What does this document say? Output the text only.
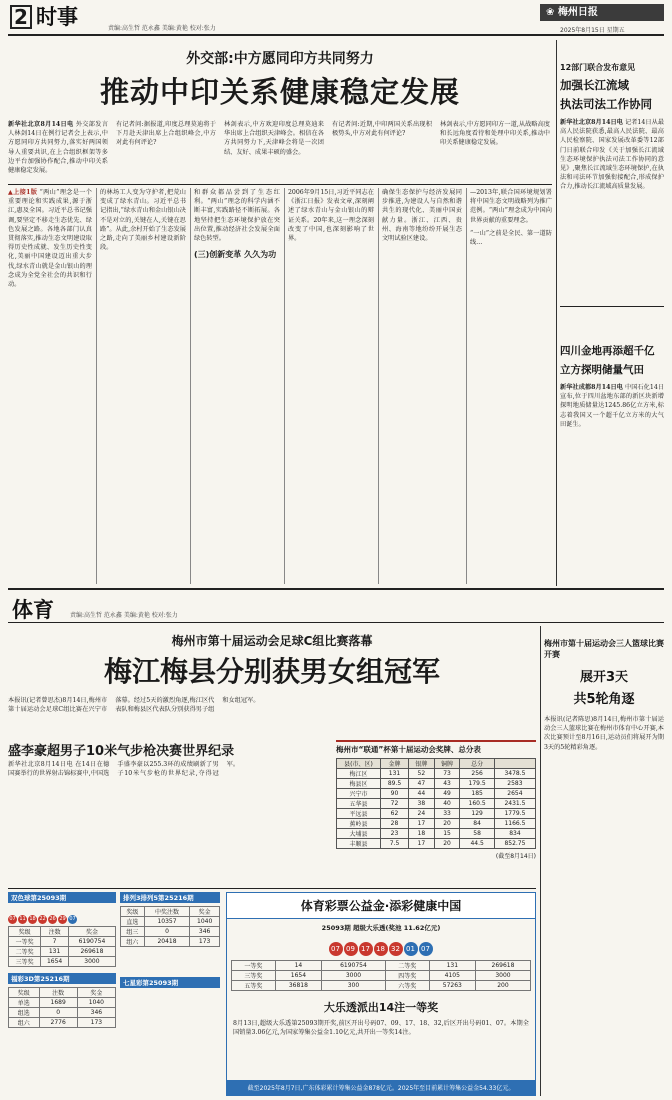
2 时事	责编:高生哲 范永鑫 美编:黄艳 校对:张力
❀ 梅州日报
2025年8月15日 星期五
外交部:中方愿同印方共同努力
推动中印关系健康稳定发展
新华社北京8月14日电 外交部发言人林剑14日在例行记者会上表示,中方愿同印方共同努力,落实好两国领导人重要共识,在上合组织框架等多边平台加强协作配合,推动中印关系健康稳定发展。
有记者问:据报道,印度总理莫迪将于下月赴天津出席上合组织峰会,中方对此有何评论?
林剑表示,中方欢迎印度总理莫迪来华出席上合组织天津峰会。相信在各方共同努力下,天津峰会将是一次团结、友好、成果丰硕的盛会。
有记者问:近期,中印两国关系出现积极势头,中方对此有何评论?
林剑表示,中方愿同印方一道,从战略高度和长远角度看待和处理中印关系,推动中印关系健康稳定发展。
▲上接1版 “两山”理念是一个重要理论和实践成果,源于浙江,惠及全国。习近平总书记强调,要坚定不移走生态优先、绿色发展之路。各地各部门认真贯彻落实,推动生态文明建设取得历史性成就、发生历史性变化,美丽中国建设迈出重大步伐,绿水青山就是金山银山的理念成为全党全社会的共识和行动。
的林场工人变为守护者,把荒山变成了绿水青山。习近平总书记指出,“绿水青山和金山银山决不是对立的,关键在人,关键在思路”。从此,余村开始了生态发展之路,走向了美丽乡村建设新阶段。
和群众都品尝到了生态红利。“两山”理念的科学内涵不断丰富,实践路径不断拓展。各地坚持把生态环境保护放在突出位置,推动经济社会发展全面绿色转型。
(三)创新变革 久久为功
2006年9月15日,习近平同志在《浙江日报》发表文章,深刻阐述了绿水青山与金山银山的辩证关系。20年来,这一理念深刻改变了中国,也深刻影响了世界。
确保生态保护与经济发展同步推进,为建设人与自然和谐共生的现代化、美丽中国贡献力量。浙江、江西、贵州、海南等地纷纷开展生态文明试验区建设。
—2013年,联合国环境规划署将中国生态文明战略列为推广范例。“两山”理念成为中国向世界贡献的重要理念。
“一山”之前是全民、第一道防线…
12部门联合发布意见
加强长江流域
执法司法工作协同
新华社北京8月14日电 记者14日从最高人民法院获悉,最高人民法院、最高人民检察院、国家发展改革委等12部门日前联合印发《关于加强长江流域生态环境保护执法司法工作协同的意见》,聚焦长江流域生态环境保护,在执法和司法环节加强衔接配合,形成保护合力,推动长江流域高质量发展。
四川金地再添超千亿
立方探明储量气田
新华社成都8月14日电 中国石化14日宣布,位于四川盆地东部的新区块新增探明地质储量达1245.86亿立方米,标志着我国又一个超千亿立方米的大气田诞生。
体育	责编:高生哲 范永鑫 美编:黄艳 校对:张力
梅州市第十届运动会足球C组比赛落幕
梅江梅县分别获男女组冠军
本报讯(记者曾思杰)8月14日,梅州市第十届运动会足球C组比赛在兴宁市落幕。经过5天的激烈角逐,梅江区代表队和梅县区代表队分别获得男子组和女组冠军。
盛李豪超男子10米气步枪决赛世界纪录
新华社北京8月14日电 在14日在德国赛举行的世界射击锦标赛中,中国选手盛李豪以255.3环的成绩刷新了男子10米气步枪的世界纪录,夺得冠军。
梅州市“联通”杯第十届运动会奖牌、总分表
县(市、区)	金牌	银牌	铜牌	总分	
梅江区	131	52	73	256	3478.5
梅县区	89.5	47	43	179.5	2583
兴宁市	90	44	49	185	2654
五华县	72	38	40	160.5	2431.5
平远县	62	24	33	129	1779.5
蕉岭县	28	17	20	84	1166.5
大埔县	23	18	15	58	834
丰顺县	7.5	17	20	44.5	852.75
(截至8月14日)
梅州市第十届运动会三人篮球比赛开赛
展开3天
共5轮角逐
本报讯(记者陈思)8月14日,梅州市第十届运动会三人篮球比赛在梅州市体育中心开赛,本次比赛预计至8月16日,运动员们将展开为期3天的5轮精彩角逐。
双色球第25093期
07 11 18 22 26 29 07
奖级	注数	奖金
一等奖	7	6190754
二等奖	131	269618
三等奖	1654	3000
福彩3D第25216期
奖级	注数	奖金
单选	1689	1040
组选	0	346
组六	2776	173
排列3排列5第25216期
奖级	中奖注数	奖金
直选	10357	1040
组三	0	346
组六	20418	173
七星彩第25093期
体育彩票公益金·添彩健康中国
25093期 超级大乐透(奖池 11.62亿元)
07 09 17 18 32 01 07
一等奖	14	6190754	二等奖	131	269618
三等奖	1654	3000	四等奖	4105	3000
五等奖	36818	300	六等奖	57263	200
大乐透派出14注一等奖
8月13日,超级大乐透第25093期开奖,前区开出号码07、09、17、18、32,后区开出号码01、07。本期全国销量3.06亿元,为国家筹集公益金1.10亿元,共开出一等奖14注。
截至2025年8月7日,广东体彩累计筹集公益金878亿元。2025年至目前累计筹集公益金54.33亿元。
